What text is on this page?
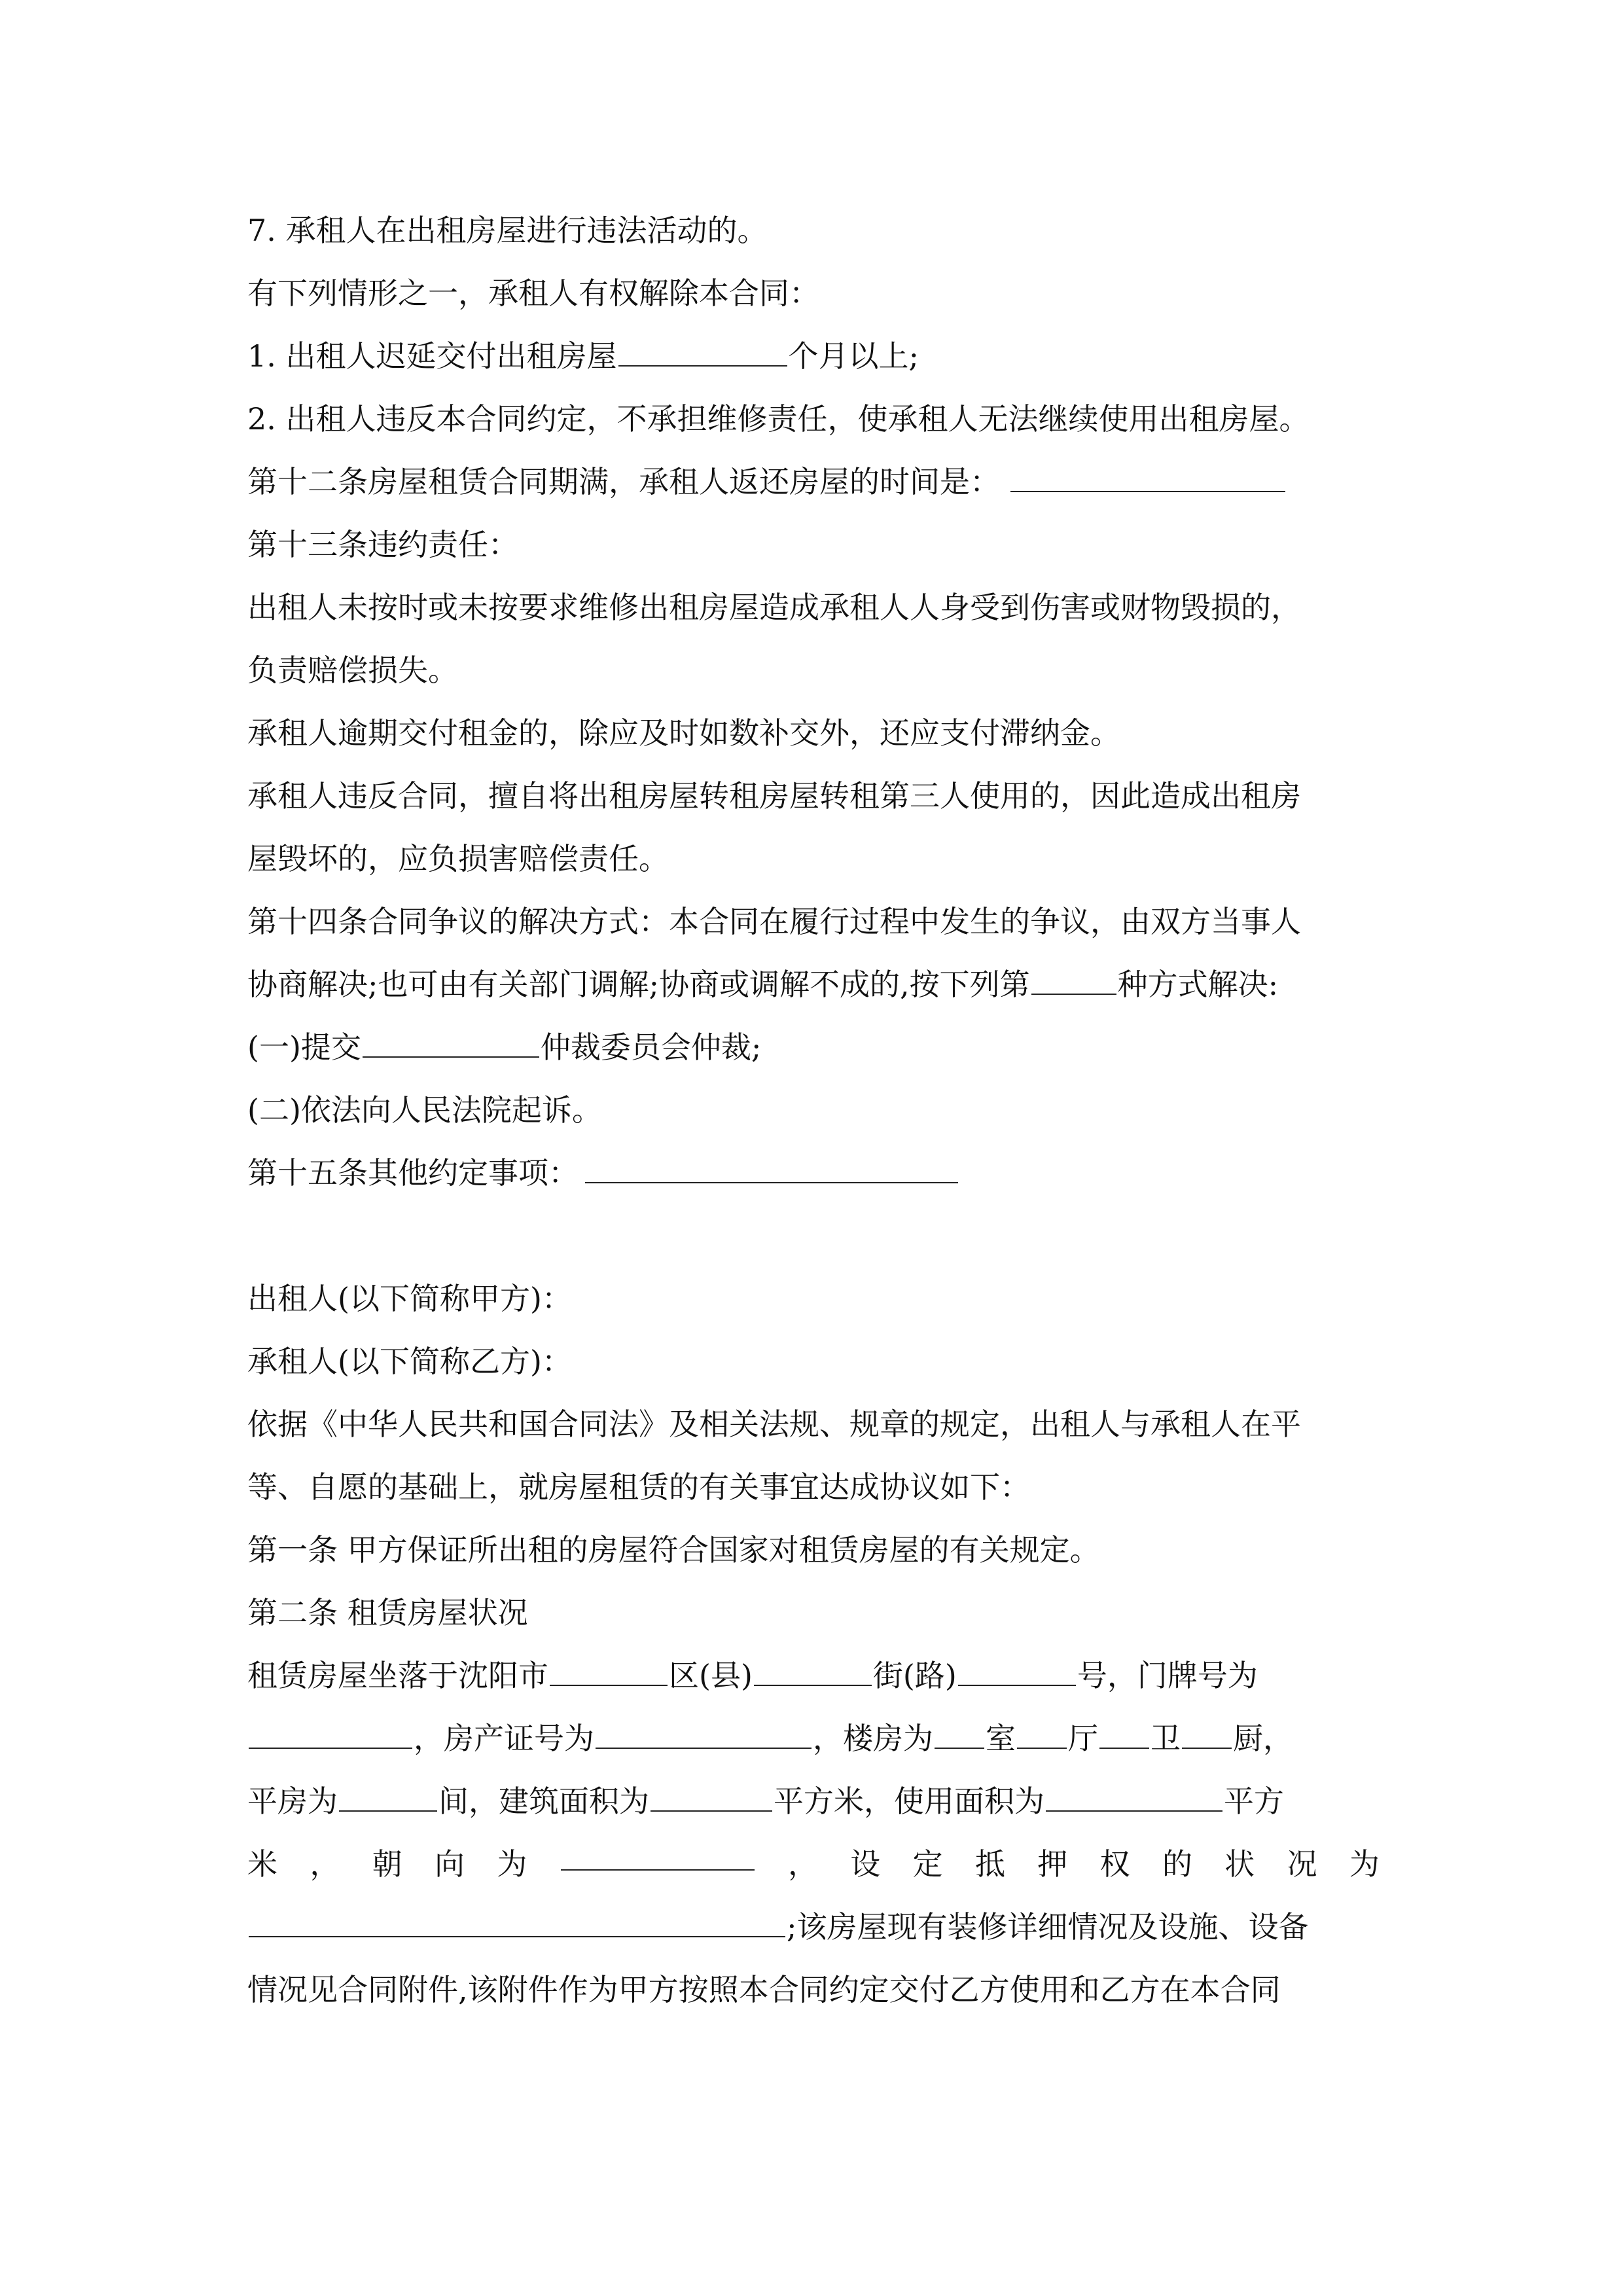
7. 承租人在出租房屋进行违法活动的。
有下列情形之一，承租人有权解除本合同：
1. 出租人迟延交付出租房屋	个月以上;
2. 出租人违反本合同约定，不承担维修责任，使承租人无法继续使用出租房屋。
第十二条房屋租赁合同期满，承租人返还房屋的时间是：
第十三条违约责任：
出租人未按时或未按要求维修出租房屋造成承租人人身受到伤害或财物毁损的，
负责赔偿损失。
承租人逾期交付租金的，除应及时如数补交外，还应支付滞纳金。
承租人违反合同，擅自将出租房屋转租房屋转租第三人使用的，因此造成出租房
屋毁坏的，应负损害赔偿责任。
第十四条合同争议的解决方式：本合同在履行过程中发生的争议，由双方当事人
协商解决;也可由有关部门调解;协商或调解不成的,按下列第	种方式解决:
(一)提交	仲裁委员会仲裁;
(二)依法向人民法院起诉。
第十五条其他约定事项：
出租人(以下简称甲方)：
承租人(以下简称乙方)：
依据《中华人民共和国合同法》及相关法规、规章的规定，出租人与承租人在平
等、自愿的基础上，就房屋租赁的有关事宜达成协议如下：
第一条 甲方保证所出租的房屋符合国家对租赁房屋的有关规定。
第二条 租赁房屋状况
租赁房屋坐落于沈阳市	区(县)	街(路)	号，门牌号为
，房产证号为	，楼房为 室 厅 卫 厨，
平房为	间，建筑面积为	平方米，使用面积为	平方
米 ， 朝 向 为	， 设 定 抵 押 权 的 状 况 为
;该房屋现有装修详细情况及设施、设备
情况见合同附件,该附件作为甲方按照本合同约定交付乙方使用和乙方在本合同
